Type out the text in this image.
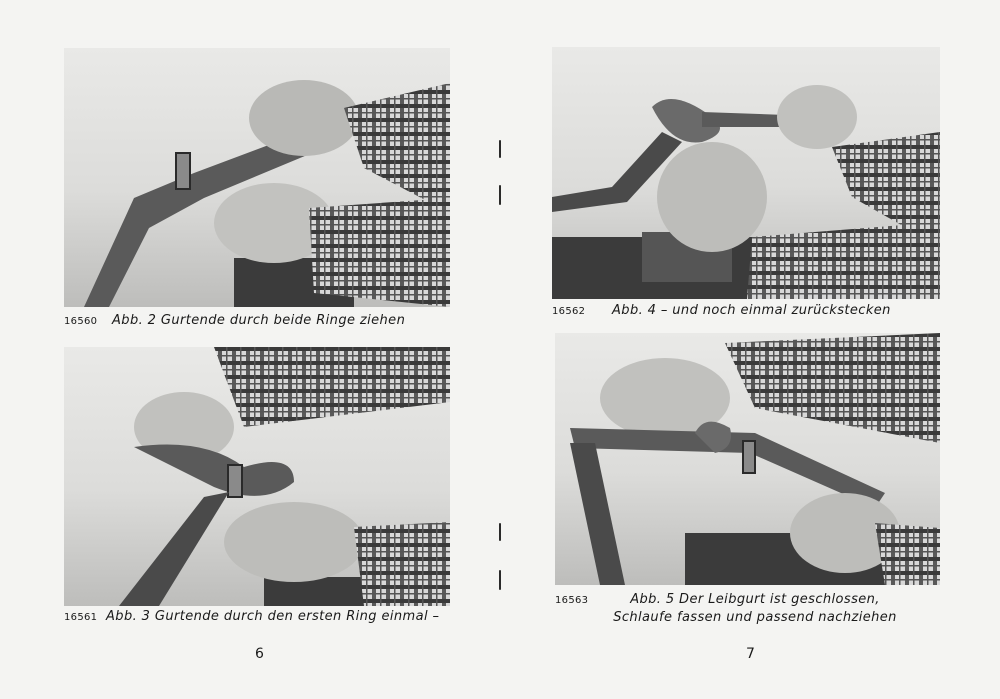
16560 Abb. 2 Gurtende durch beide Ringe ziehen
16562 Abb. 4 – und noch einmal zurückstecken
16561 Abb. 3 Gurtende durch den ersten Ring einmal –
16563	Abb. 5 Der Leibgurt ist geschlossen,
Schlaufe fassen und passend nachziehen
6	7
